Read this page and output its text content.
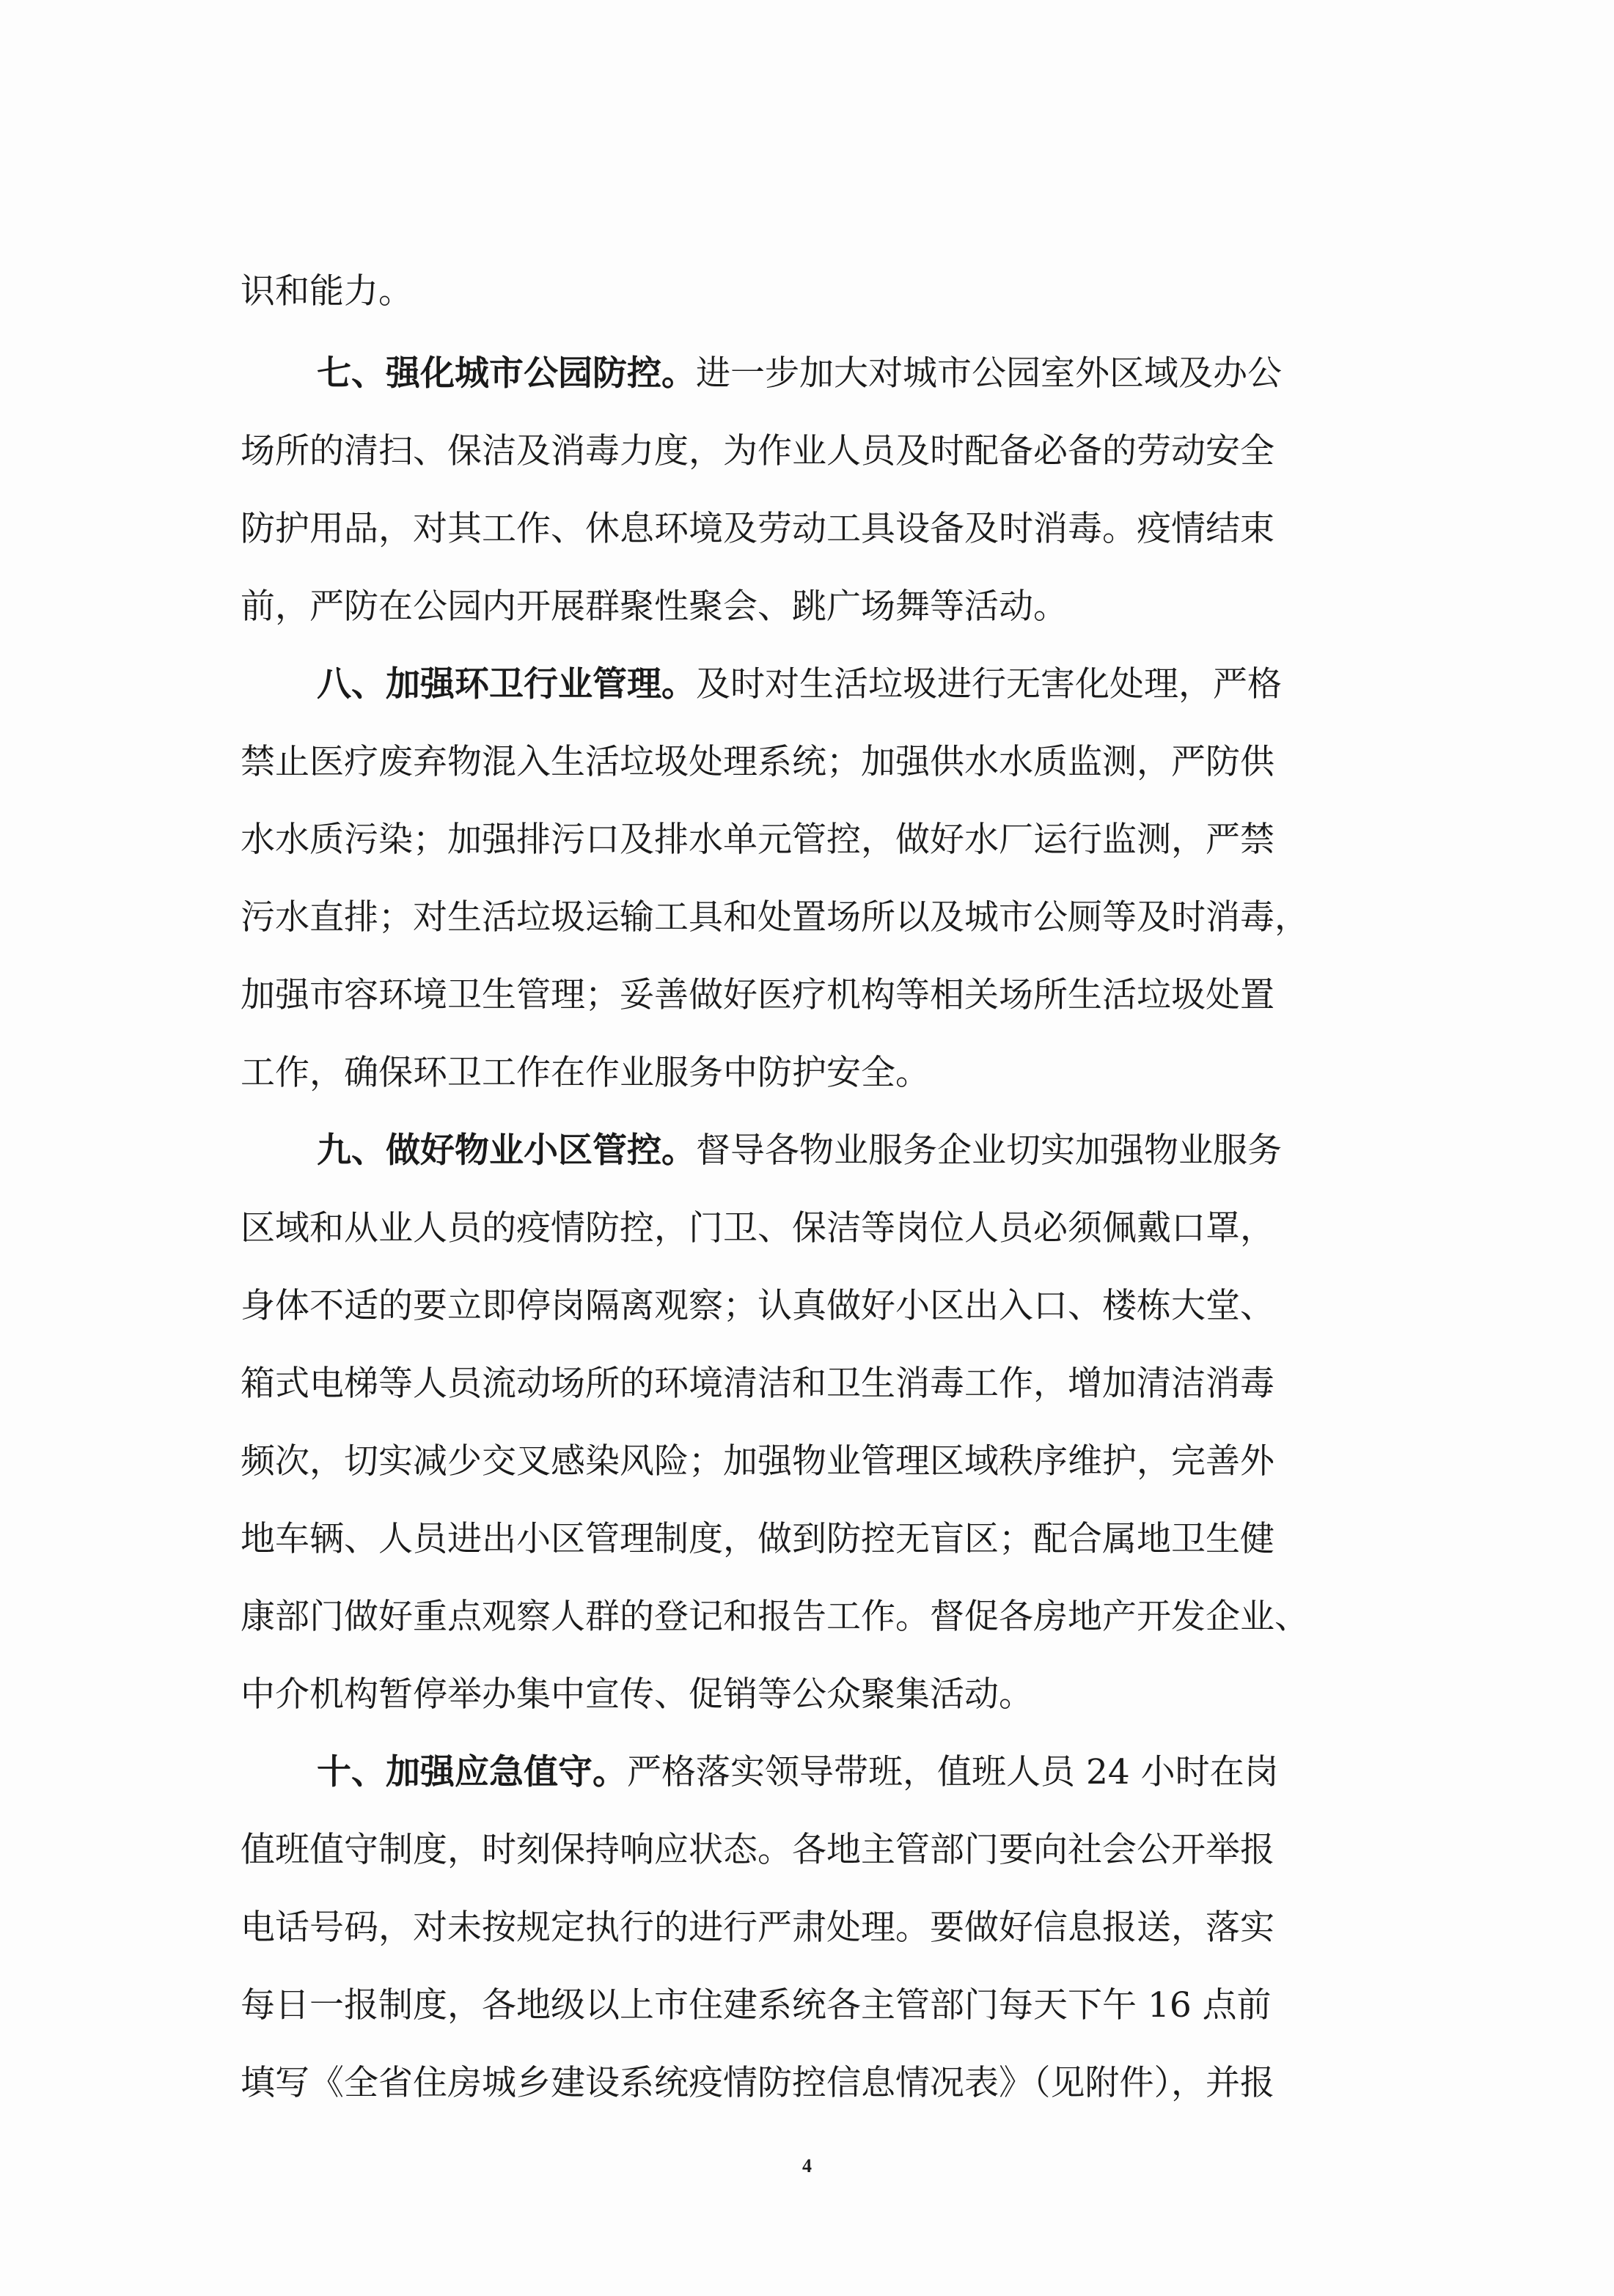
识和能力。
七、强化城市公园防控。进一步加大对城市公园室外区域及办公
场所的清扫、保洁及消毒力度，为作业人员及时配备必备的劳动安全
防护用品，对其工作、休息环境及劳动工具设备及时消毒。疫情结束
前，严防在公园内开展群聚性聚会、跳广场舞等活动。
八、加强环卫行业管理。及时对生活垃圾进行无害化处理，严格
禁止医疗废弃物混入生活垃圾处理系统；加强供水水质监测，严防供
水水质污染；加强排污口及排水单元管控，做好水厂运行监测，严禁
污水直排；对生活垃圾运输工具和处置场所以及城市公厕等及时消毒，
加强市容环境卫生管理；妥善做好医疗机构等相关场所生活垃圾处置
工作，确保环卫工作在作业服务中防护安全。
九、做好物业小区管控。督导各物业服务企业切实加强物业服务
区域和从业人员的疫情防控，门卫、保洁等岗位人员必须佩戴口罩，
身体不适的要立即停岗隔离观察；认真做好小区出入口、楼栋大堂、
箱式电梯等人员流动场所的环境清洁和卫生消毒工作，增加清洁消毒
频次，切实减少交叉感染风险；加强物业管理区域秩序维护，完善外
地车辆、人员进出小区管理制度，做到防控无盲区；配合属地卫生健
康部门做好重点观察人群的登记和报告工作。督促各房地产开发企业、
中介机构暂停举办集中宣传、促销等公众聚集活动。
十、加强应急值守。严格落实领导带班，值班人员 24 小时在岗
值班值守制度，时刻保持响应状态。各地主管部门要向社会公开举报
电话号码，对未按规定执行的进行严肃处理。要做好信息报送，落实
每日一报制度，各地级以上市住建系统各主管部门每天下午 16 点前
填写《全省住房城乡建设系统疫情防控信息情况表》（见附件），并报
4
